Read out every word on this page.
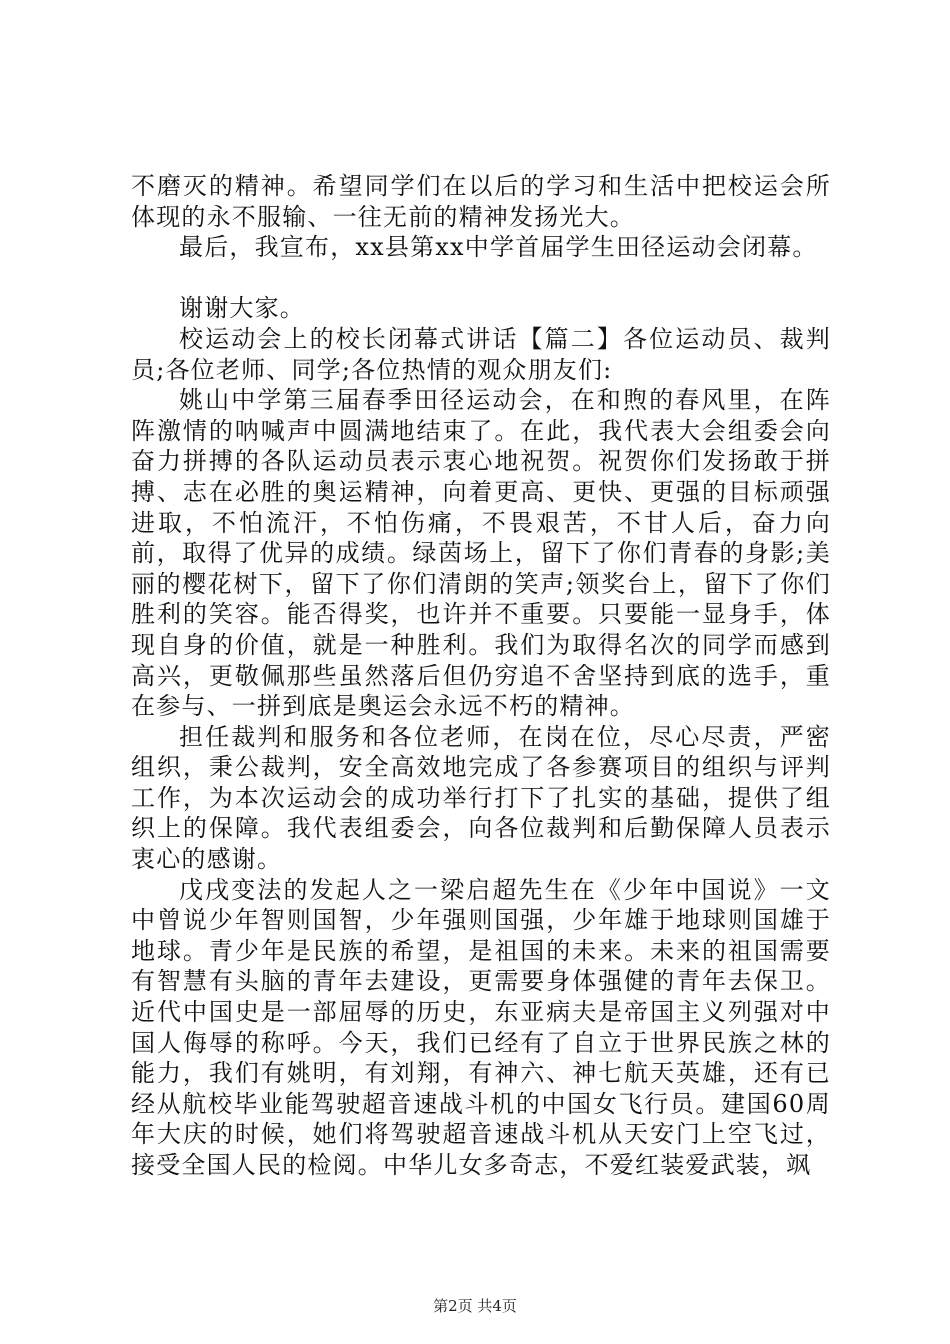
不磨灭的精神。希望同学们在以后的学习和生活中把校运会所体现的永不服输、一往无前的精神发扬光大。

最后，我宣布，xx县第xx中学首届学生田径运动会闭幕。

谢谢大家。

校运动会上的校长闭幕式讲话【篇二】各位运动员、裁判员;各位老师、同学;各位热情的观众朋友们:

姚山中学第三届春季田径运动会，在和煦的春风里，在阵阵激情的呐喊声中圆满地结束了。在此，我代表大会组委会向奋力拼搏的各队运动员表示衷心地祝贺。祝贺你们发扬敢于拼搏、志在必胜的奥运精神，向着更高、更快、更强的目标顽强进取，不怕流汗，不怕伤痛，不畏艰苦，不甘人后，奋力向前，取得了优异的成绩。绿茵场上，留下了你们青春的身影;美丽的樱花树下，留下了你们清朗的笑声;领奖台上，留下了你们胜利的笑容。能否得奖，也许并不重要。只要能一显身手，体现自身的价值，就是一种胜利。我们为取得名次的同学而感到高兴，更敬佩那些虽然落后但仍穷追不舍坚持到底的选手，重在参与、一拼到底是奥运会永远不朽的精神。

担任裁判和服务和各位老师，在岗在位，尽心尽责，严密组织，秉公裁判，安全高效地完成了各参赛项目的组织与评判工作，为本次运动会的成功举行打下了扎实的基础，提供了组织上的保障。我代表组委会，向各位裁判和后勤保障人员表示衷心的感谢。

戊戌变法的发起人之一梁启超先生在《少年中国说》一文中曾说少年智则国智，少年强则国强，少年雄于地球则国雄于地球。青少年是民族的希望，是祖国的未来。未来的祖国需要有智慧有头脑的青年去建设，更需要身体强健的青年去保卫。近代中国史是一部屈辱的历史，东亚病夫是帝国主义列强对中国人侮辱的称呼。今天，我们已经有了自立于世界民族之林的能力，我们有姚明，有刘翔，有神六、神七航天英雄，还有已经从航校毕业能驾驶超音速战斗机的中国女飞行员。建国60周年大庆的时候，她们将驾驶超音速战斗机从天安门上空飞过，接受全国人民的检阅。中华儿女多奇志，不爱红装爱武装，飒

第2页 共4页
